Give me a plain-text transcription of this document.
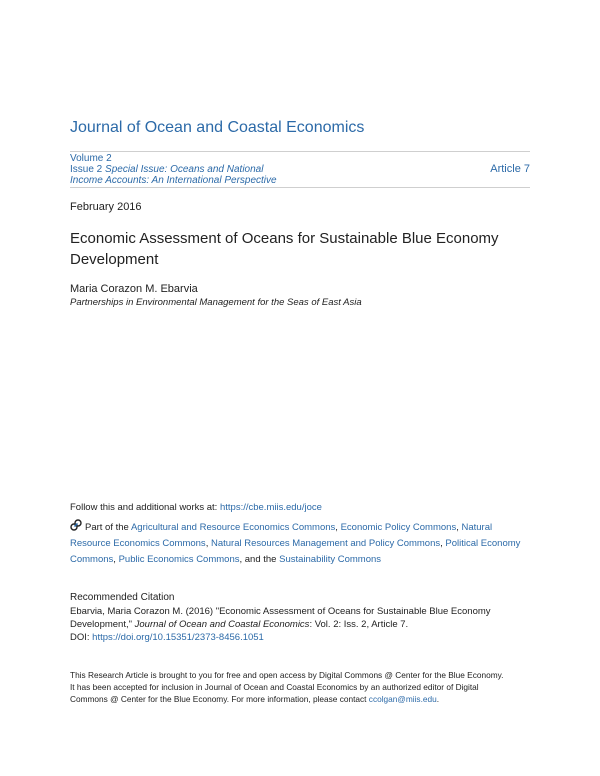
Journal of Ocean and Coastal Economics
Volume 2
Issue 2 Special Issue: Oceans and National
Income Accounts: An International Perspective
Article 7
February 2016
Economic Assessment of Oceans for Sustainable Blue Economy
Development
Maria Corazon M. Ebarvia
Partnerships in Environmental Management for the Seas of East Asia
Follow this and additional works at: https://cbe.miis.edu/joce
Part of the Agricultural and Resource Economics Commons, Economic Policy Commons, Natural Resource Economics Commons, Natural Resources Management and Policy Commons, Political Economy Commons, Public Economics Commons, and the Sustainability Commons
Recommended Citation
Ebarvia, Maria Corazon M. (2016) "Economic Assessment of Oceans for Sustainable Blue Economy
Development," Journal of Ocean and Coastal Economics: Vol. 2: Iss. 2, Article 7.
DOI: https://doi.org/10.15351/2373-8456.1051
This Research Article is brought to you for free and open access by Digital Commons @ Center for the Blue Economy.
It has been accepted for inclusion in Journal of Ocean and Coastal Economics by an authorized editor of Digital
Commons @ Center for the Blue Economy. For more information, please contact ccolgan@miis.edu.
